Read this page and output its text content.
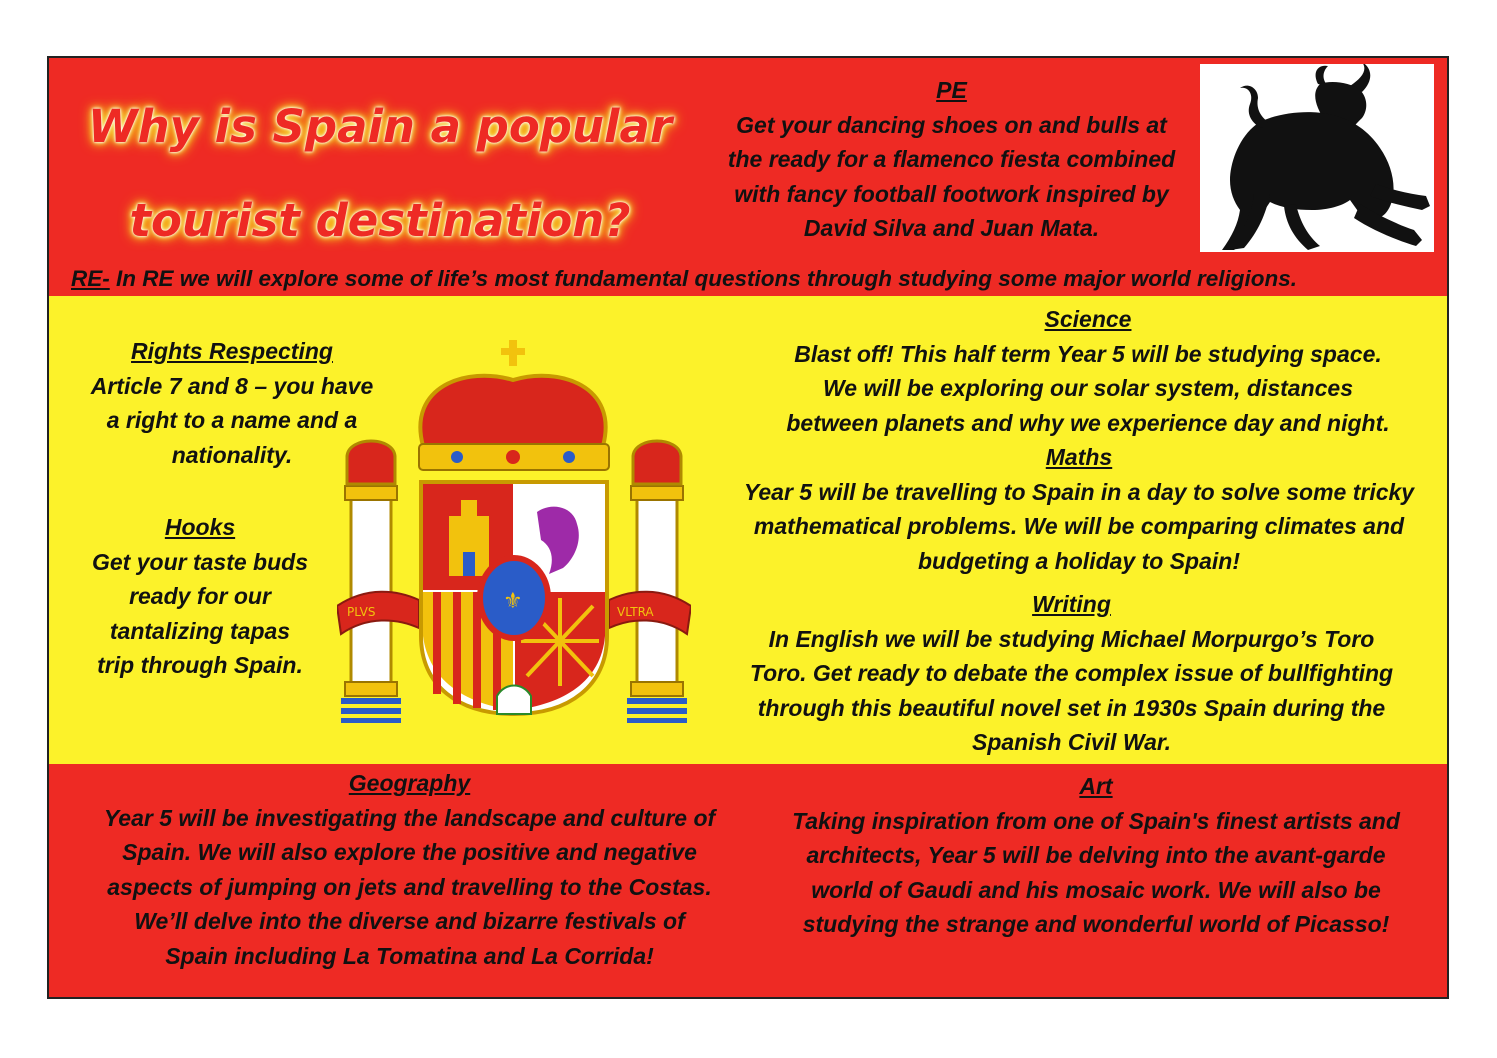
Why is Spain a popular
tourist destination?
PE
Get your dancing shoes on and bulls at
the ready for a flamenco fiesta combined
with fancy football footwork inspired by
David Silva and Juan Mata.
RE- In RE we will explore some of life’s most fundamental questions through studying some major world religions.
Rights Respecting
Article 7 and 8 – you have
a right to a name and a
nationality.
Hooks
Get your taste buds
ready for our
tantalizing tapas
trip through Spain.
PLVS	VLTRA
⚜
Science
Blast off! This half term Year 5 will be studying space.
We will be exploring our solar system, distances
between planets and why we experience day and night.
Maths
Year 5 will be travelling to Spain in a day to solve some tricky
mathematical problems. We will be comparing climates and
budgeting a holiday to Spain!
Writing
In English we will be studying Michael Morpurgo’s Toro
Toro. Get ready to debate the complex issue of bullfighting
through this beautiful novel set in 1930s Spain during the
Spanish Civil War.
Geography
Year 5 will be investigating the landscape and culture of
Spain. We will also explore the positive and negative
aspects of jumping on jets and travelling to the Costas.
We’ll delve into the diverse and bizarre festivals of
Spain including La Tomatina and La Corrida!
Art
Taking inspiration from one of Spain's finest artists and
architects, Year 5 will be delving into the avant-garde
world of Gaudi and his mosaic work. We will also be
studying the strange and wonderful world of Picasso!
